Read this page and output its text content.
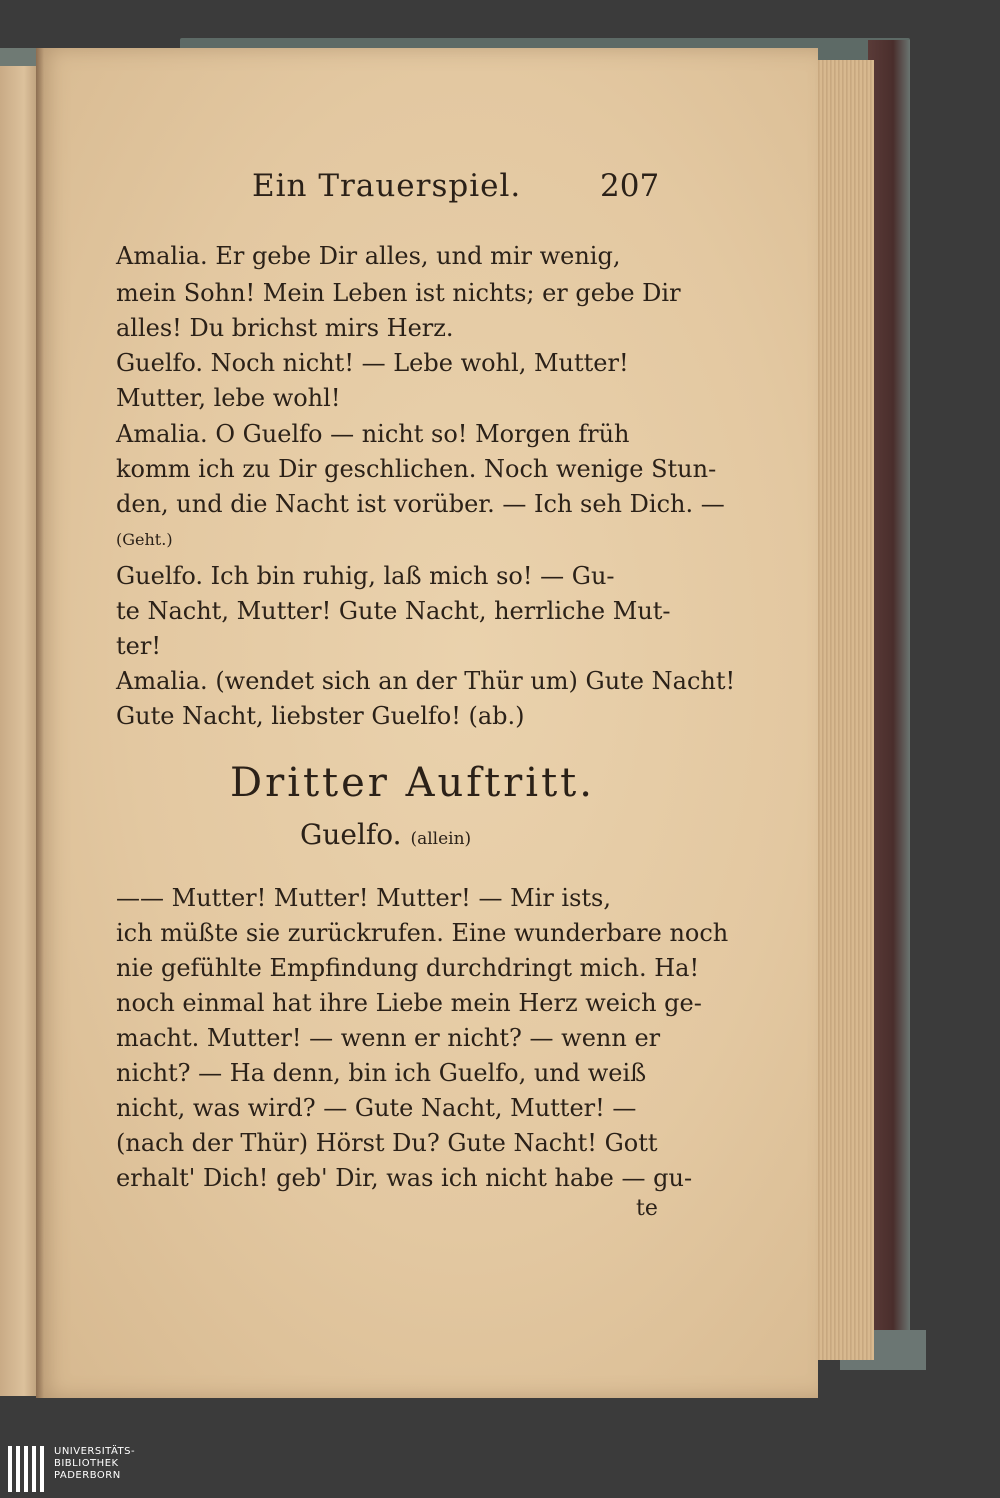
Ein Trauerspiel.	207
Amalia. Er gebe Dir alles, und mir wenig,
mein Sohn! Mein Leben ist nichts; er gebe Dir
alles! Du brichst mirs Herz.
Guelfo. Noch nicht! — Lebe wohl, Mutter!
Mutter, lebe wohl!
Amalia. O Guelfo — nicht so! Morgen früh
komm ich zu Dir geschlichen. Noch wenige Stun-
den, und die Nacht ist vorüber. — Ich seh Dich. —
(Geht.)
Guelfo. Ich bin ruhig, laß mich so! — Gu-
te Nacht, Mutter! Gute Nacht, herrliche Mut-
ter!
Amalia. (wendet sich an der Thür um) Gute Nacht!
Gute Nacht, liebster Guelfo! (ab.)
Dritter Auftritt.
Guelfo. (allein)
—— Mutter! Mutter! Mutter! — Mir ists,
ich müßte sie zurückrufen. Eine wunderbare noch
nie gefühlte Empfindung durchdringt mich. Ha!
noch einmal hat ihre Liebe mein Herz weich ge-
macht. Mutter! — wenn er nicht? — wenn er
nicht? — Ha denn, bin ich Guelfo, und weiß
nicht, was wird? — Gute Nacht, Mutter! —
(nach der Thür) Hörst Du? Gute Nacht! Gott
erhalt' Dich! geb' Dir, was ich nicht habe — gu-
te
UNIVERSITÄTS-
BIBLIOTHEK
PADERBORN
